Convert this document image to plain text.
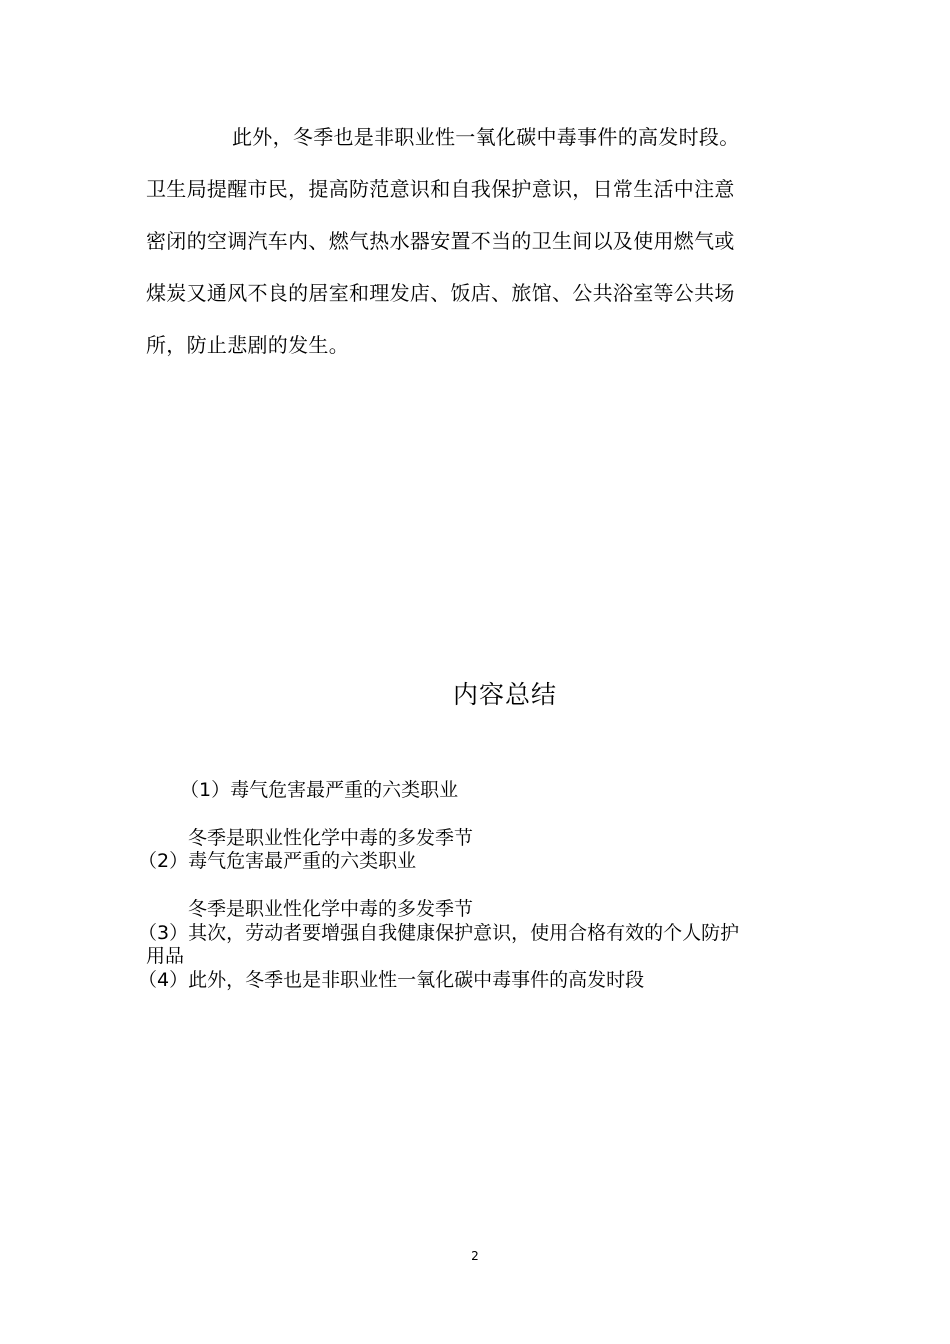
此外，冬季也是非职业性一氧化碳中毒事件的高发时段。
卫生局提醒市民，提高防范意识和自我保护意识，日常生活中注意
密闭的空调汽车内、燃气热水器安置不当的卫生间以及使用燃气或
煤炭又通风不良的居室和理发店、饭店、旅馆、公共浴室等公共场
所，防止悲剧的发生。
内容总结
（1）毒气危害最严重的六类职业
冬季是职业性化学中毒的多发季节
（2）毒气危害最严重的六类职业
冬季是职业性化学中毒的多发季节
（3）其次，劳动者要增强自我健康保护意识，使用合格有效的个人防护
用品
（4）此外，冬季也是非职业性一氧化碳中毒事件的高发时段
2
